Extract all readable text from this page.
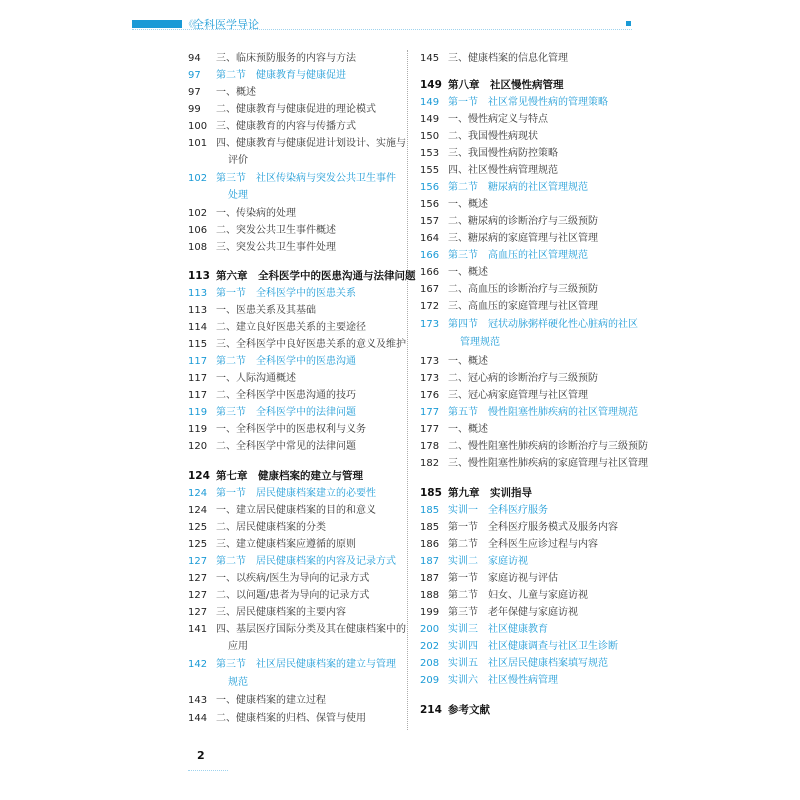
《《
全科医学导论
94	三、临床预防服务的内容与方法
97	第二节　健康教育与健康促进
97	一、概述
99	二、健康教育与健康促进的理论模式
100 三、健康教育的内容与传播方式
101 四、健康教育与健康促进计划设计、实施与
评价
102 第三节　社区传染病与突发公共卫生事件
处理
102 一、传染病的处理
106 二、突发公共卫生事件概述
108 三、突发公共卫生事件处理
113 第六章　全科医学中的医患沟通与法律问题
113 第一节　全科医学中的医患关系
113 一、医患关系及其基础
114 二、建立良好医患关系的主要途径
115 三、全科医学中良好医患关系的意义及维护
117 第二节　全科医学中的医患沟通
117 一、人际沟通概述
117 二、全科医学中医患沟通的技巧
119 第三节　全科医学中的法律问题
119 一、全科医学中的医患权利与义务
120 二、全科医学中常见的法律问题
124 第七章　健康档案的建立与管理
124 第一节　居民健康档案建立的必要性
124 一、建立居民健康档案的目的和意义
125 二、居民健康档案的分类
125 三、建立健康档案应遵循的原则
127 第二节　居民健康档案的内容及记录方式
127 一、以疾病/医生为导向的记录方式
127 二、以问题/患者为导向的记录方式
127 三、居民健康档案的主要内容
141 四、基层医疗国际分类及其在健康档案中的
应用
142 第三节　社区居民健康档案的建立与管理
规范
143 一、健康档案的建立过程
144 二、健康档案的归档、保管与使用
145 三、健康档案的信息化管理
149 第八章　社区慢性病管理
149 第一节　社区常见慢性病的管理策略
149 一、慢性病定义与特点
150 二、我国慢性病现状
153 三、我国慢性病防控策略
155 四、社区慢性病管理规范
156 第二节　糖尿病的社区管理规范
156 一、概述
157 二、糖尿病的诊断治疗与三级预防
164 三、糖尿病的家庭管理与社区管理
166 第三节　高血压的社区管理规范
166 一、概述
167 二、高血压的诊断治疗与三级预防
172 三、高血压的家庭管理与社区管理
173 第四节　冠状动脉粥样硬化性心脏病的社区
管理规范
173 一、概述
173 二、冠心病的诊断治疗与三级预防
176 三、冠心病家庭管理与社区管理
177 第五节　慢性阻塞性肺疾病的社区管理规范
177 一、概述
178 二、慢性阻塞性肺疾病的诊断治疗与三级预防
182 三、慢性阻塞性肺疾病的家庭管理与社区管理
185 第九章　实训指导
185 实训一　全科医疗服务
185 第一节　全科医疗服务模式及服务内容
186 第二节　全科医生应诊过程与内容
187 实训二　家庭访视
187 第一节　家庭访视与评估
188 第二节　妇女、儿童与家庭访视
199 第三节　老年保健与家庭访视
200 实训三　社区健康教育
202 实训四　社区健康调查与社区卫生诊断
208 实训五　社区居民健康档案填写规范
209 实训六　社区慢性病管理
214 参考文献
2
